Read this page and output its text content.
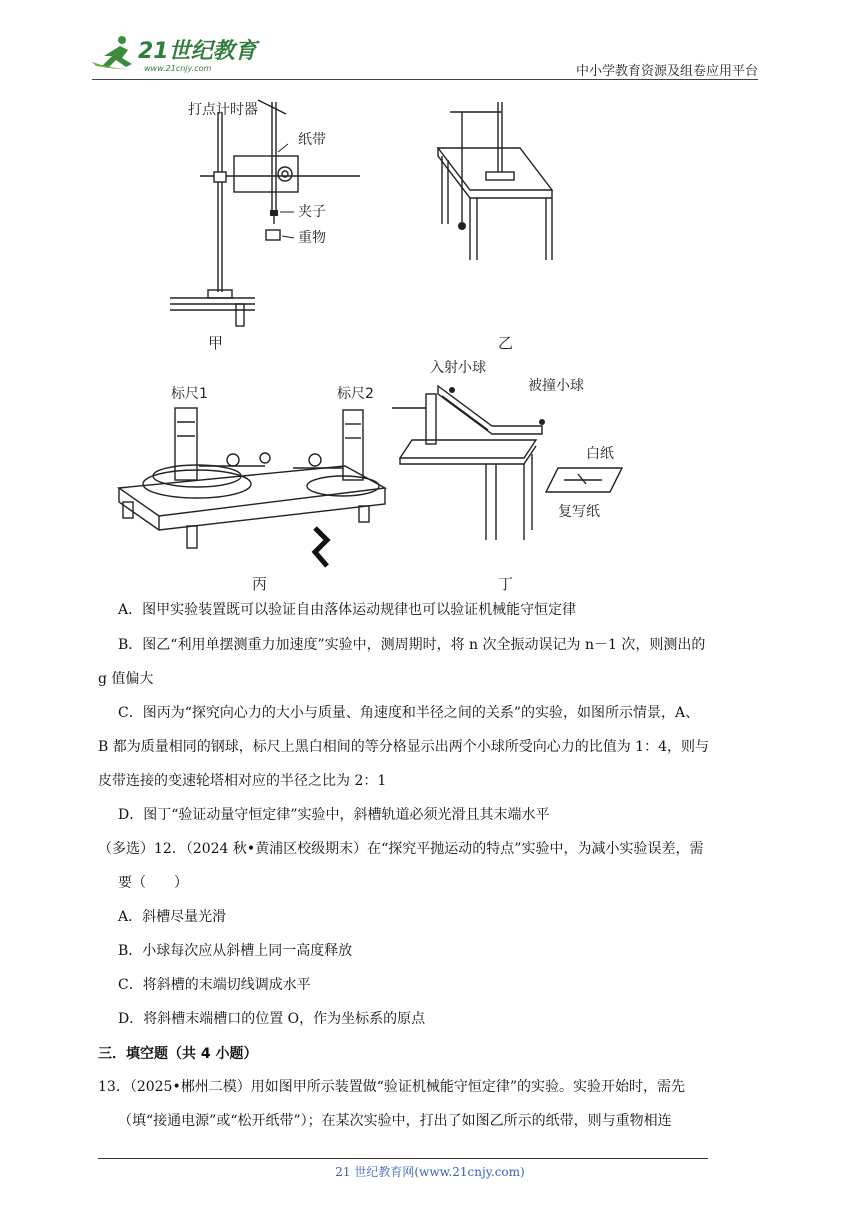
21世纪教育
www.21cnjy.com	中小学教育资源及组卷应用平台
打点计时器
纸带
夹子
重物
甲	乙
标尺1	标尺2
丙
入射小球
被撞小球
白纸
复写纸
丁
A．图甲实验装置既可以验证自由落体运动规律也可以验证机械能守恒定律
B．图乙“利用单摆测重力加速度”实验中，测周期时，将 n 次全振动误记为 n－1 次，则测出的
g 值偏大
C．图丙为“探究向心力的大小与质量、角速度和半径之间的关系”的实验，如图所示情景，A、
B 都为质量相同的钢球，标尺上黑白相间的等分格显示出两个小球所受向心力的比值为 1：4，则与
皮带连接的变速轮塔相对应的半径之比为 2：1
D．图丁“验证动量守恒定律”实验中，斜槽轨道必须光滑且其末端水平
（多选）12．（2024 秋•黄浦区校级期末）在“探究平抛运动的特点”实验中，为减小实验误差，需
要（　　）
A．斜槽尽量光滑
B．小球每次应从斜槽上同一高度释放
C．将斜槽的末端切线调成水平
D．将斜槽末端槽口的位置 O，作为坐标系的原点
三．填空题（共 4 小题）
13．（2025•郴州二模）用如图甲所示装置做“验证机械能守恒定律”的实验。实验开始时，需先
（填“接通电源”或“松开纸带”）；在某次实验中，打出了如图乙所示的纸带，则与重物相连
21 世纪教育网(www.21cnjy.com)
